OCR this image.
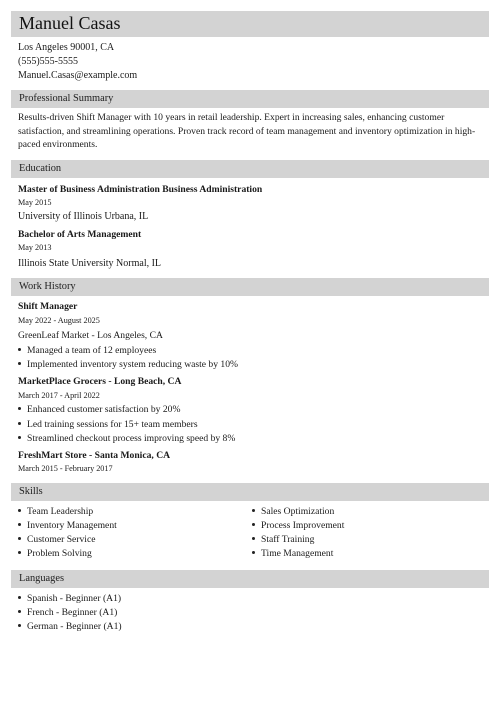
Manuel Casas
Los Angeles 90001, CA
(555)555-5555
Manuel.Casas@example.com
Professional Summary
Results-driven Shift Manager with 10 years in retail leadership. Expert in increasing sales, enhancing customer satisfaction, and streamlining operations. Proven track record of team management and inventory optimization in high-paced environments.
Education
Master of Business Administration Business Administration
May 2015
University of Illinois Urbana, IL
Bachelor of Arts Management
May 2013
Illinois State University Normal, IL
Work History
Shift Manager
May 2022 - August 2025
GreenLeaf Market - Los Angeles, CA
Managed a team of 12 employees
Implemented inventory system reducing waste by 10%
MarketPlace Grocers - Long Beach, CA
March 2017 - April 2022
Enhanced customer satisfaction by 20%
Led training sessions for 15+ team members
Streamlined checkout process improving speed by 8%
FreshMart Store - Santa Monica, CA
March 2015 - February 2017
Skills
Team Leadership
Inventory Management
Customer Service
Problem Solving
Sales Optimization
Process Improvement
Staff Training
Time Management
Languages
Spanish - Beginner (A1)
French - Beginner (A1)
German - Beginner (A1)
